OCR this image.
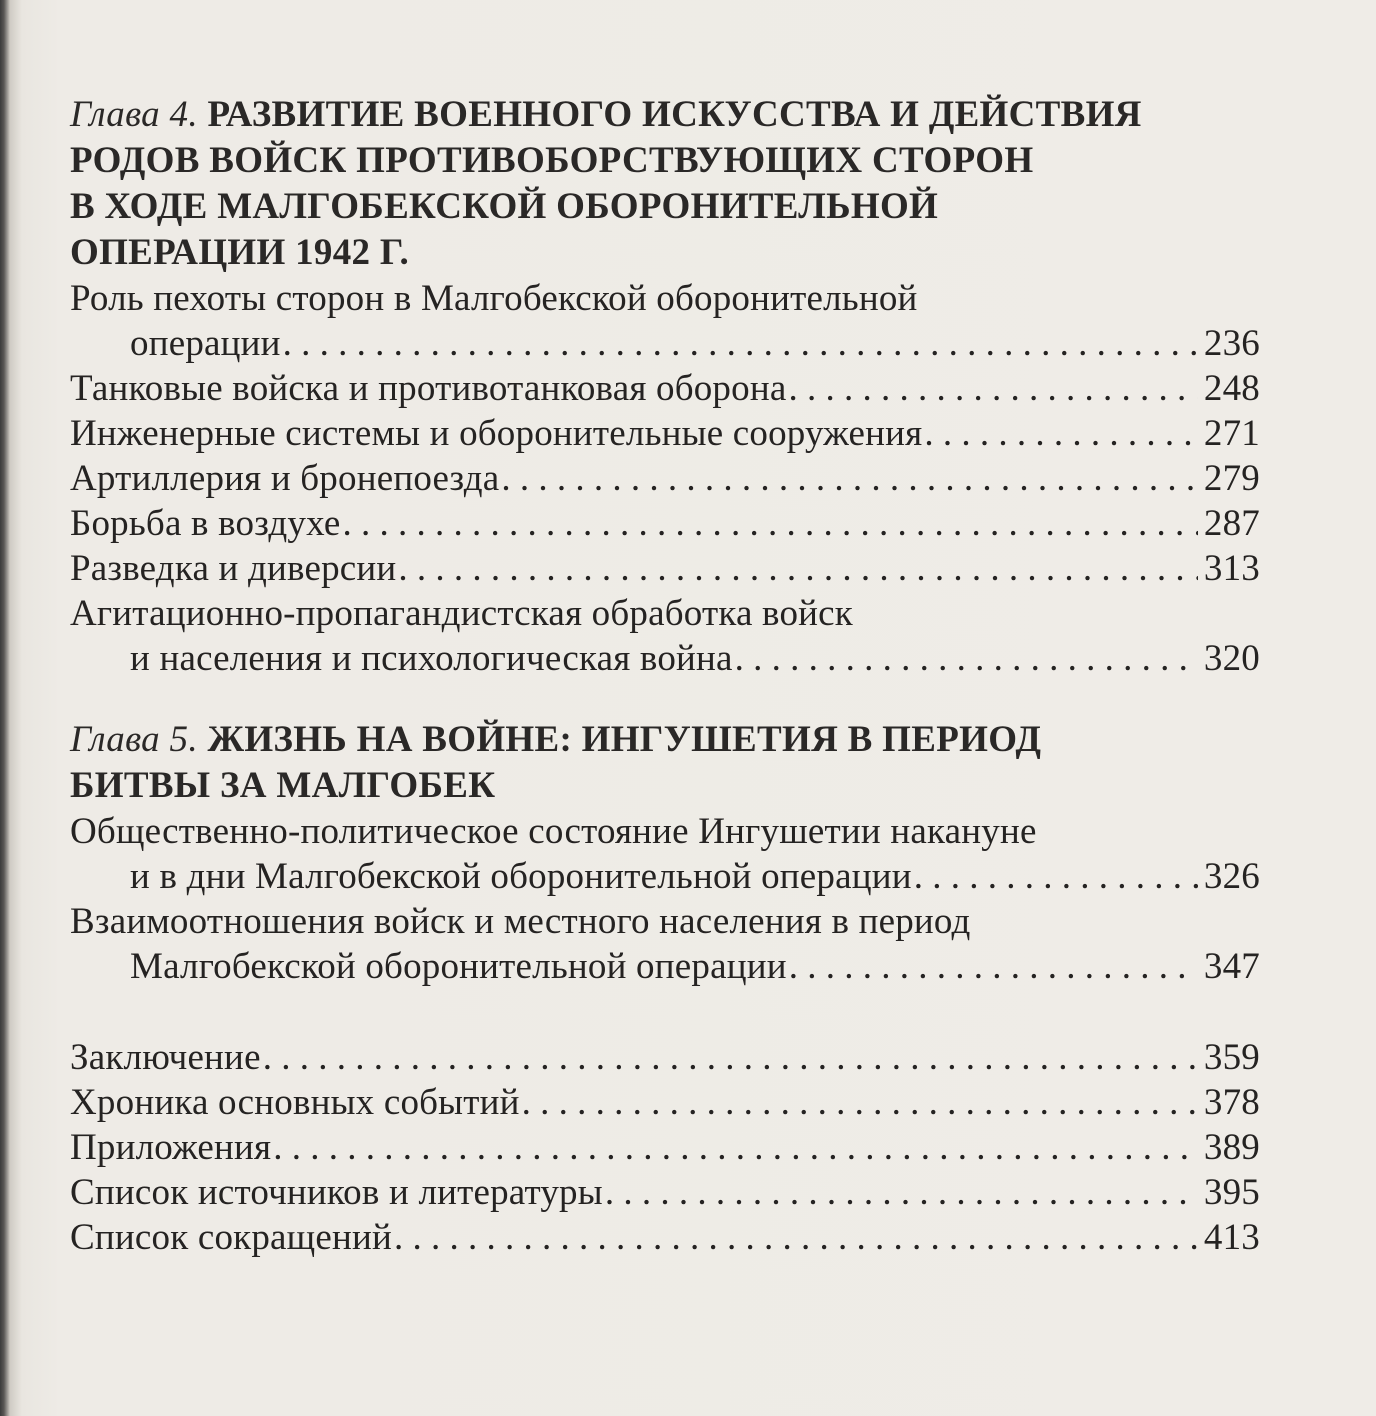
Глава 4. РАЗВИТИЕ ВОЕННОГО ИСКУССТВА И ДЕЙСТВИЯ
РОДОВ ВОЙСК ПРОТИВОБОРСТВУЮЩИХ СТОРОН
В ХОДЕ МАЛГОБЕКСКОЙ ОБОРОНИТЕЛЬНОЙ
ОПЕРАЦИИ 1942 Г.
Роль пехоты сторон в Малгобекской оборонительной
операции . . .	236
Танковые войска и противотанковая оборона . . .	248
Инженерные системы и оборонительные сооружения . . .	271
Артиллерия и бронепоезда . . .	279
Борьба в воздухе . . .	287
Разведка и диверсии . . .	313
Агитационно-пропагандистская обработка войск
и населения и психологическая война . . .	320
Глава 5. ЖИЗНЬ НА ВОЙНЕ: ИНГУШЕТИЯ В ПЕРИОД
БИТВЫ ЗА МАЛГОБЕК
Общественно-политическое состояние Ингушетии накануне
и в дни Малгобекской оборонительной операции . . .	326
Взаимоотношения войск и местного населения в период
Малгобекской оборонительной операции . . .	347
Заключение . . .	359
Хроника основных событий . . .	378
Приложения . . .	389
Список источников и литературы . . .	395
Список сокращений . . .	413
